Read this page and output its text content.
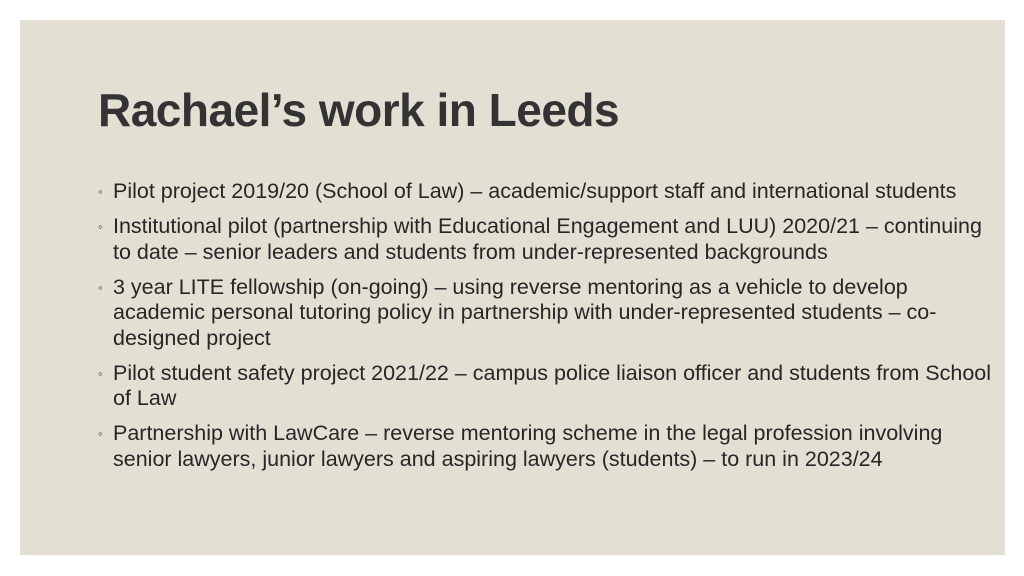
Rachael’s work in Leeds
◦ Pilot project 2019/20 (School of Law) – academic/support staff and international students
◦ Institutional pilot (partnership with Educational Engagement and LUU) 2020/21 – continuing to date – senior leaders and students from under-represented backgrounds
◦ 3 year LITE fellowship (on-going) – using reverse mentoring as a vehicle to develop academic personal tutoring policy in partnership with under-represented students – co-designed project
◦ Pilot student safety project 2021/22 – campus police liaison officer and students from School of Law
◦ Partnership with LawCare – reverse mentoring scheme in the legal profession involving senior lawyers, junior lawyers and aspiring lawyers (students) – to run in 2023/24
